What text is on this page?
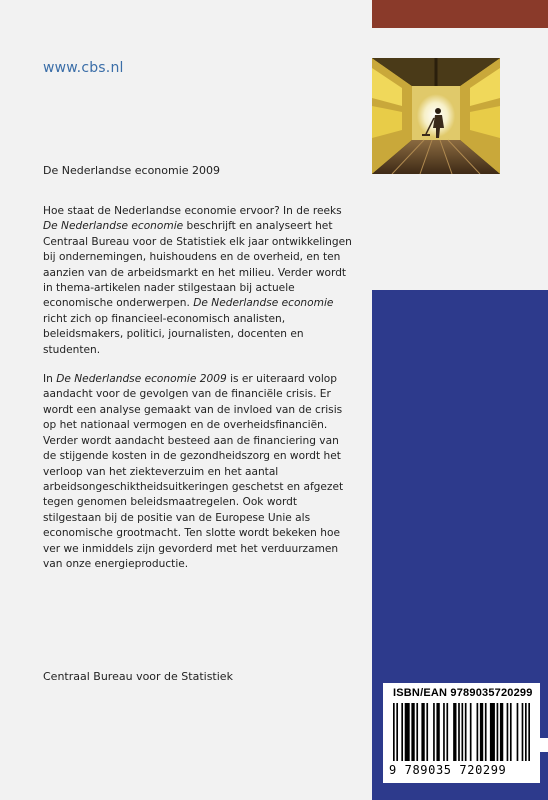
www.cbs.nl
De Nederlandse economie 2009

Hoe staat de Nederlandse economie ervoor? In de reeks De Nederlandse economie beschrijft en analyseert het Centraal Bureau voor de Statistiek elk jaar ontwikkelingen bij ondernemingen, huishoudens en de overheid, en ten aanzien van de arbeidsmarkt en het milieu. Verder wordt in thema-artikelen nader stilgestaan bij actuele economische onderwerpen. De Nederlandse economie richt zich op financieel-economisch analisten, beleidsmakers, politici, journalisten, docenten en studenten.

In De Nederlandse economie 2009 is er uiteraard volop aandacht voor de gevolgen van de financiële crisis. Er wordt een analyse gemaakt van de invloed van de crisis op het nationaal vermogen en de overheidsfinanciën. Verder wordt aandacht besteed aan de financiering van de stijgende kosten in de gezondheidszorg en wordt het verloop van het ziekteverzuim en het aantal arbeidsongeschiktheidsuitkeringen geschetst en afgezet tegen genomen beleidsmaatregelen. Ook wordt stilgestaan bij de positie van de Europese Unie als economische grootmacht. Ten slotte wordt bekeken hoe ver we inmiddels zijn gevorderd met het verduurzamen van onze energieproductie.

Centraal Bureau voor de Statistiek
ISBN/EAN 9789035720299
9 789035 720299
